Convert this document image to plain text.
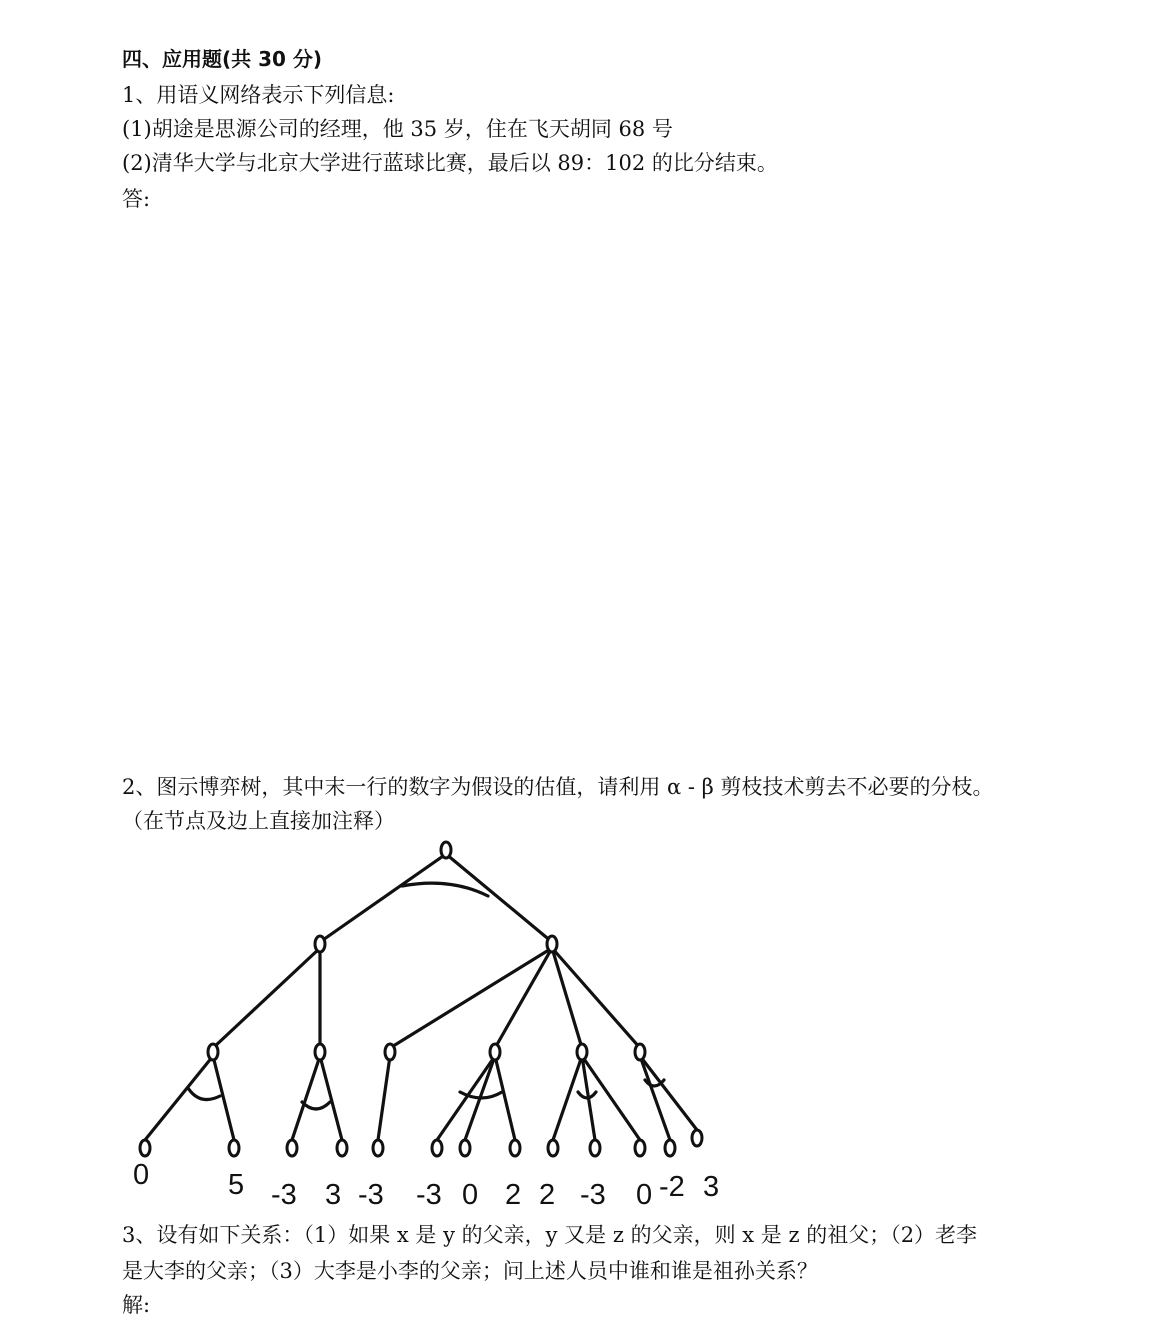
四、应用题(共 30 分)

1、用语义网络表示下列信息:

(1)胡途是思源公司的经理，他 35 岁，住在飞天胡同 68 号

(2)清华大学与北京大学进行蓝球比赛，最后以 89：102 的比分结束。

答:

2、图示博弈树，其中末一行的数字为假设的估值，请利用 α - β 剪枝技术剪去不必要的分枝。

（在节点及边上直接加注释）

0	5 -3 3 -3 -3 0 2 2 -3 0 -2 3

3、设有如下关系：（1）如果 x 是 y 的父亲，y 又是 z 的父亲，则 x 是 z 的祖父；（2）老李

是大李的父亲；（3）大李是小李的父亲；问上述人员中谁和谁是祖孙关系？

解:
